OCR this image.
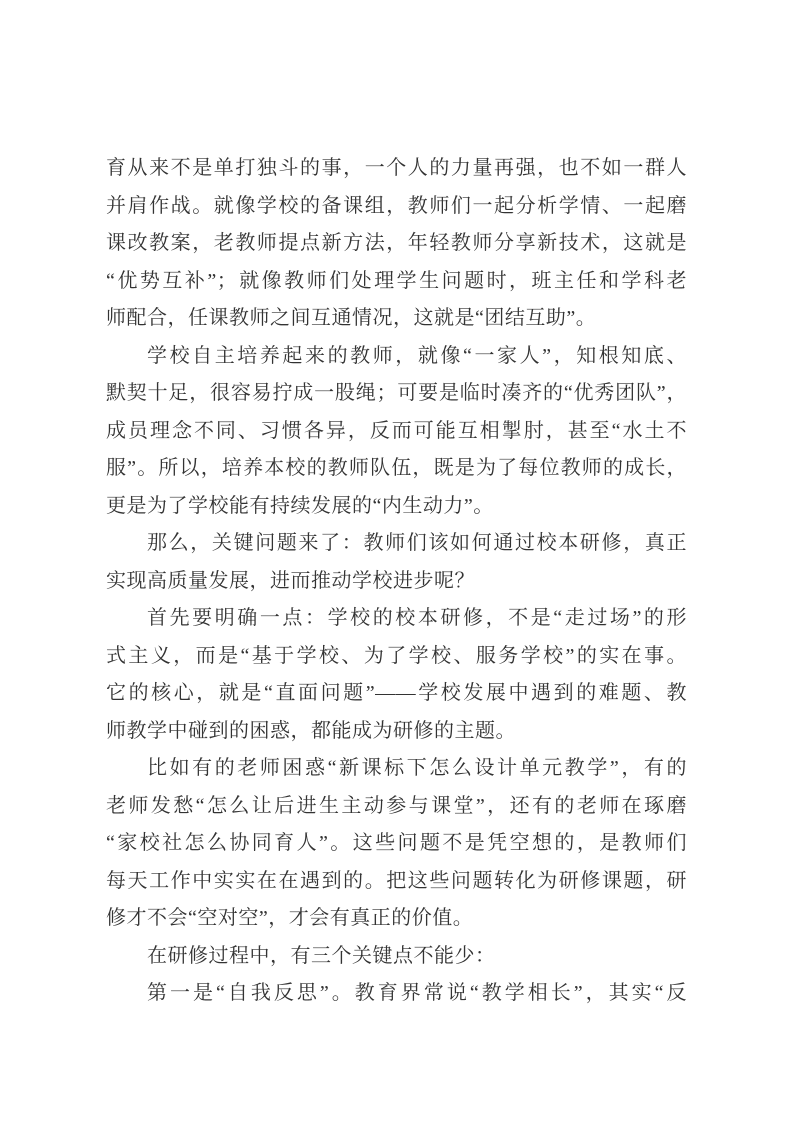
育从来不是单打独斗的事，一个人的力量再强，也不如一群人
并肩作战。就像学校的备课组，教师们一起分析学情、一起磨
课改教案，老教师提点新方法，年轻教师分享新技术，这就是
“优势互补”；就像教师们处理学生问题时，班主任和学科老
师配合，任课教师之间互通情况，这就是“团结互助”。
学校自主培养起来的教师，就像“一家人”，知根知底、
默契十足，很容易拧成一股绳；可要是临时凑齐的“优秀团队”，
成员理念不同、习惯各异，反而可能互相掣肘，甚至“水土不
服”。所以，培养本校的教师队伍，既是为了每位教师的成长，
更是为了学校能有持续发展的“内生动力”。
那么，关键问题来了：教师们该如何通过校本研修，真正
实现高质量发展，进而推动学校进步呢？
首先要明确一点：学校的校本研修，不是“走过场”的形
式主义，而是“基于学校、为了学校、服务学校”的实在事。
它的核心，就是“直面问题”——学校发展中遇到的难题、教
师教学中碰到的困惑，都能成为研修的主题。
比如有的老师困惑“新课标下怎么设计单元教学”，有的
老师发愁“怎么让后进生主动参与课堂”，还有的老师在琢磨
“家校社怎么协同育人”。这些问题不是凭空想的，是教师们
每天工作中实实在在遇到的。把这些问题转化为研修课题，研
修才不会“空对空”，才会有真正的价值。
在研修过程中，有三个关键点不能少：
第一是“自我反思”。教育界常说“教学相长”，其实“反
